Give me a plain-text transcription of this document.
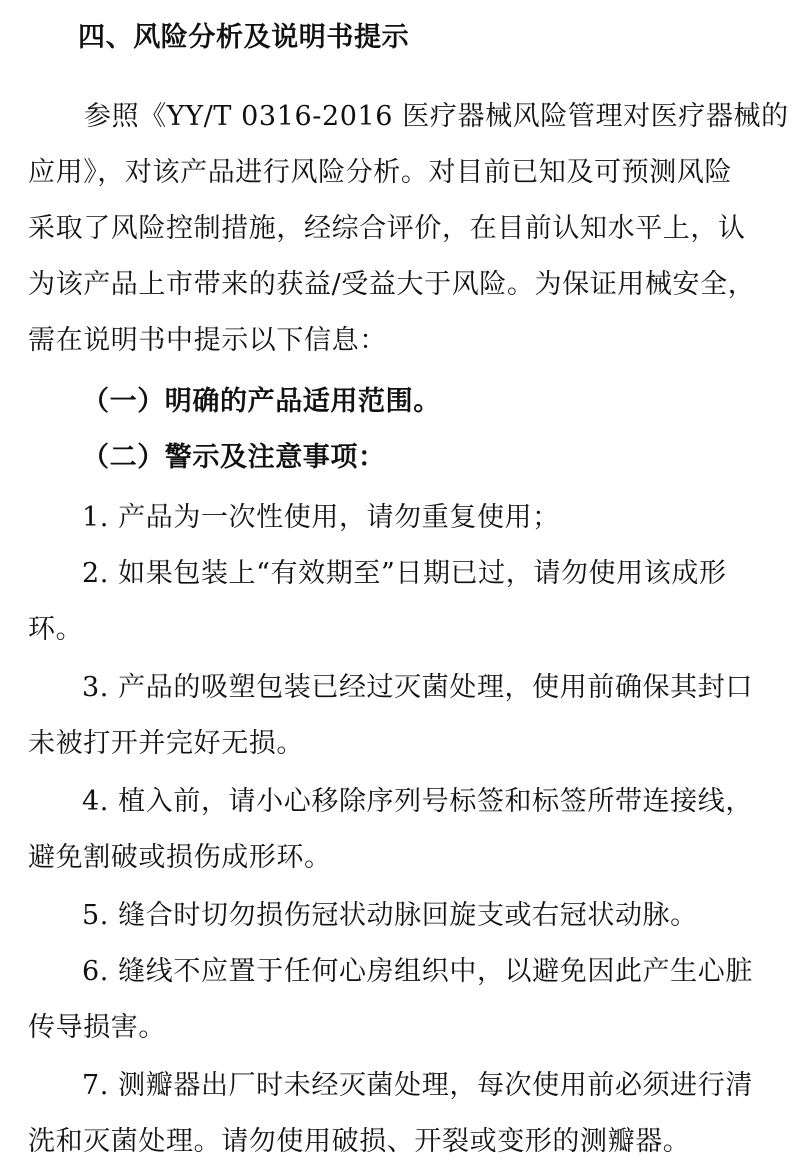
四、风险分析及说明书提示
参照《YY/T 0316-2016 医疗器械风险管理对医疗器械的
应用》，对该产品进行风险分析。对目前已知及可预测风险
采取了风险控制措施，经综合评价，在目前认知水平上，认
为该产品上市带来的获益/受益大于风险。为保证用械安全，
需在说明书中提示以下信息：
（一）明确的产品适用范围。
（二）警示及注意事项：
1. 产品为一次性使用，请勿重复使用；
2. 如果包装上“有效期至”日期已过，请勿使用该成形
环。
3. 产品的吸塑包装已经过灭菌处理，使用前确保其封口
未被打开并完好无损。
4. 植入前，请小心移除序列号标签和标签所带连接线，
避免割破或损伤成形环。
5. 缝合时切勿损伤冠状动脉回旋支或右冠状动脉。
6. 缝线不应置于任何心房组织中，以避免因此产生心脏
传导损害。
7. 测瓣器出厂时未经灭菌处理，每次使用前必须进行清
洗和灭菌处理。请勿使用破损、开裂或变形的测瓣器。
